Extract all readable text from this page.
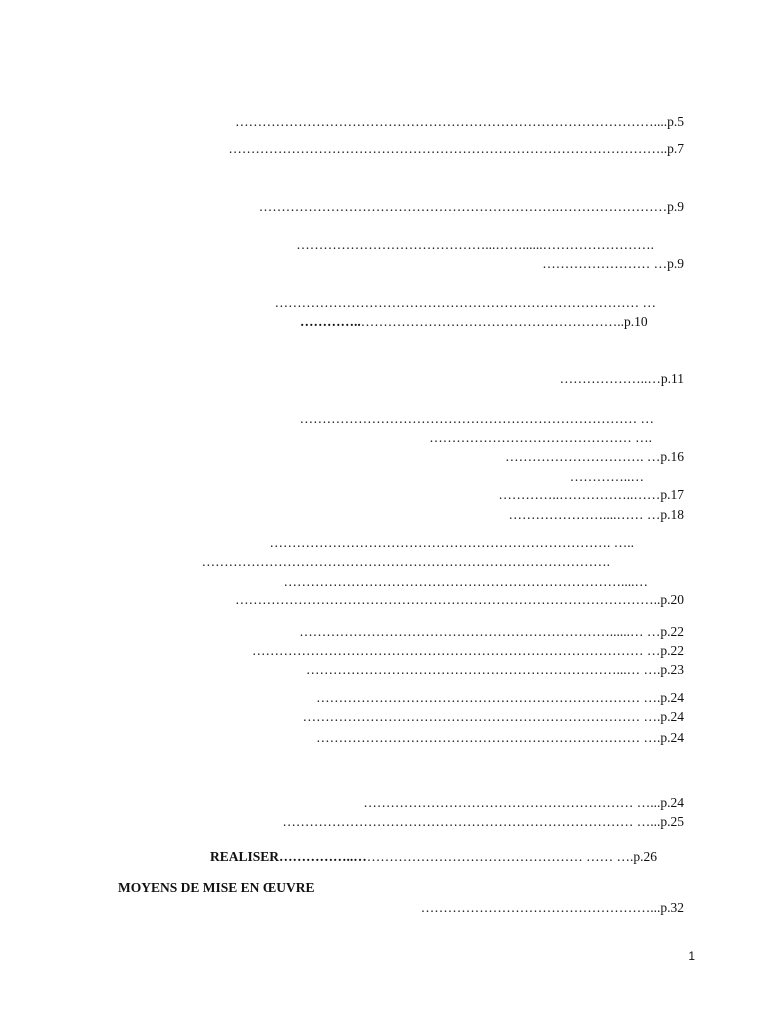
…………………………………………………………………………………....p.5
……………………………………………………………………………………..p.7
………………………………………………………….……………………p.9
……………………………………...……......…………………….
…………………… …p.9
……………………………………………………………………… …
…………..…………………………………………………..p.10
………………..…p.11
………………………………………………………………… …
……………………………………… ….
…………………………. …p.16
…………..…
…………..……………..……p.17
…………………....…… …p.18
…………………………………………………………………. …..
……………………………………………………………………………….
…………………………………………………………………....…
…………………………………………………………………………………..p.20
……………………………………………………………......… …p.22
…………………………………………………………………………… …p.22
……………………………………………………………...… ….p.23
……………………………………………………………… ….p.24
………………………………………………………………… ….p.24
……………………………………………………………… ….p.24
…………………………………………………… …...p.24
…………………………………………………………………… …...p.25
REALISER……………..…………………………………………… …… ….p.26
MOYENS DE MISE EN ŒUVRE
……………………………………………...p.32
1
